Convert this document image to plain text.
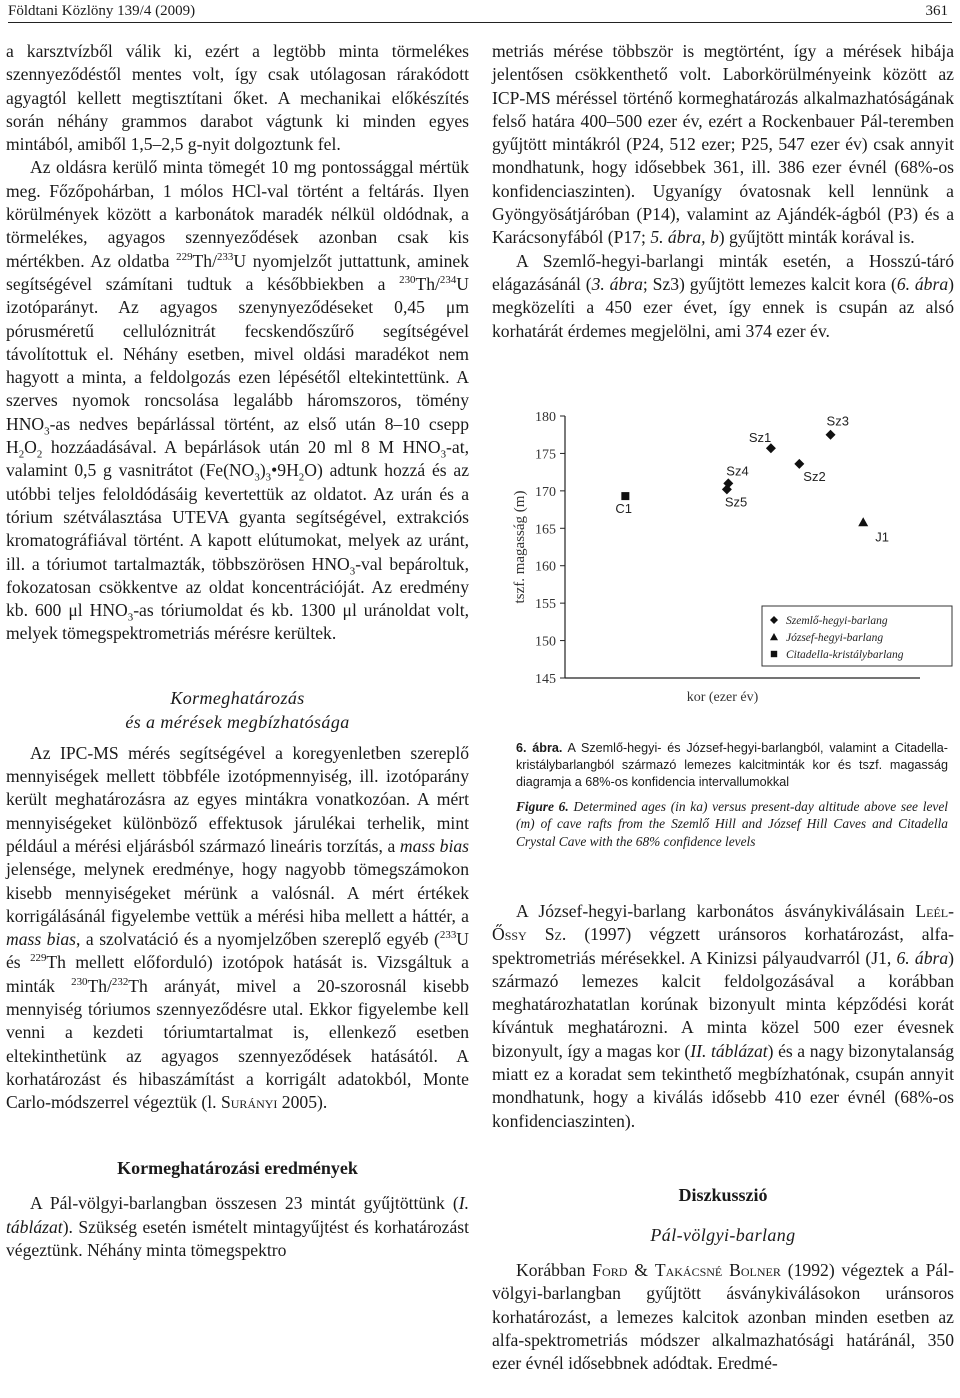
Földtani Közlöny 139/4 (2009)	361

a karsztvízből válik ki, ezért a legtöbb minta törmelékes szennyeződéstől mentes volt, így csak utólagosan rárakódott agyagtól kellett megtisztítani őket. A mechanikai előkészítés során néhány grammos darabot vágtunk ki minden egyes mintából, amiből 1,5–2,5 g-nyit dolgoztunk fel.

Az oldásra kerülő minta tömegét 10 mg pontossággal mértük meg. Főzőpohárban, 1 mólos HCl-val történt a feltárás. Ilyen körülmények között a karbonátok maradék nélkül oldódnak, a törmelékes, agyagos szennyeződések azonban csak kis mértékben. Az oldatba $^{229}$Th/$^{233}$U nyomjelzőt juttattunk, aminek segítségével számítani tudtuk a későbbiekben a $^{230}$Th/$^{234}$U izotóparányt. Az agyagos szenynyeződéseket 0,45 μm pórusméretű cellulóznitrát fecskendőszűrő segítségével távolítottuk el. Néhány esetben, mivel oldási maradékot nem hagyott a minta, a feldolgozás ezen lépésétől eltekintettünk. A szerves nyomok roncsolása legalább háromszoros, tömény $HNO_3-as$ nedves bepárlással történt, az első után 8–10 csepp $H_2O_2$ hozzáadásával. A bepárlások után 20 ml 8 M $HNO_3-at$, valamint 0,5 g vasnitrátot $(Fe(NO_3)_3•9H_2O)$ adtunk hozzá és az utóbbi teljes feloldódásáig kevertettük az oldatot. Az urán és a tórium szétválasztása UTEVA gyanta segítségével, extrakciós kromatográfiával történt. A kapott elútumokat, melyek az uránt, ill. a tóriumot tartalmazták, többszörösen $HNO_3$-val bepároltuk, fokozatosan csökkentve az oldat koncentrációját. Az eredmény kb. 600 μl $HNO_3-as$ tóriumoldat és kb. 1300 μl uránoldat volt, melyek tömegspektrometriás mérésre kerültek.

Kormeghatározás
és a mérések megbízhatósága

Az IPC-MS mérés segítségével a koregyenletben szereplő mennyiségek mellett többféle izotópmennyiség, ill. izotóparány került meghatározásra az egyes mintákra vonatkozóan. A mért mennyiségeket különböző effektusok járulékai terhelik, mint például a mérési eljárásból származó lineáris torzítás, a mass bias jelensége, melynek eredménye, hogy nagyobb tömegszámokon kisebb mennyiségeket mérünk a valósnál. A mért értékek korrigálásánál figyelembe vettük a mérési hiba mellett a háttér, a mass bias, a szolvatáció és a nyomjelzőben szereplő egyéb ($^{233}$U és $^{229}$Th mellett előforduló) izotópok hatását is. Vizsgáltuk a minták $^{230}$Th/$^{232}$Th arányát, mivel a 20-szorosnál kisebb mennyiség tóriumos szennyeződésre utal. Ekkor figyelembe kell venni a kezdeti tóriumtartalmat is, ellenkező esetben eltekinthetünk az agyagos szennyeződések hatásától. A korhatározást és hibaszámítást a korrigált adatokból, Monte Carlo-módszerrel végeztük (l. Surányi 2005).

Kormeghatározási eredmények

A Pál-völgyi-barlangban összesen 23 mintát gyűjtöttünk (I. táblázat). Szükség esetén ismételt mintagyűjtést és korhatározást végeztünk. Néhány minta tömegspektro

metriás mérése többször is megtörtént, így a mérések hibája jelentősen csökkenthető volt. Laborkörülményeink között az ICP-MS méréssel történő kormeghatározás alkalmazhatóságának felső határa 400–500 ezer év, ezért a Rockenbauer Pál-teremben gyűjtött mintákról (P24, 512 ezer; P25, 547 ezer év) csak annyit mondhatunk, hogy idősebbek 361, ill. 386 ezer évnél (68%-os konfidenciaszinten). Ugyanígy óvatosnak kell lennünk a Gyöngyösátjáróban (P14), valamint az Ajándék-ágból (P3) és a Karácsonyfából (P17; 5. ábra, b) gyűjtött minták korával is.

A Szemlő-hegyi-barlangi minták esetén, a Hosszú-táró elágazásánál (3. ábra; Sz3) gyűjtött lemezes kalcit kora (6. ábra) megközelíti a 450 ezer évet, így ennek is csupán az alsó korhatárát érdemes megjelölni, ami 374 ezer év.

145
150
155
160
165
170
175
180
kor (ezer év)
tszf. magasság (m)
Sz1
Sz2
Sz3
Sz4
Sz5
J1
C1
Szemlő-hegyi-barlang
József-hegyi-barlang
Citadella-kristálybarlang

6. ábra. A Szemlő-hegyi- és József-hegyi-barlangból, valamint a Citadella-kristálybarlangból származó lemezes kalcitminták kor és tszf. magasság diagramja a 68%-os konfidencia intervallumokkal

Figure 6. Determined ages (in ka) versus present-day altitude above see level (m) of cave rafts from the Szemlő Hill and József Hill Caves and Citadella Crystal Cave with the 68% confidence levels

A József-hegyi-barlang karbonátos ásványkiválásain Leél-Őssy Sz. (1997) végzett uránsoros korhatározást, alfa-spektrometriás mérésekkel. A Kinizsi pályaudvarról (J1, 6. ábra) származó lemezes kalcit feldolgozásával a korábban meghatározhatatlan korúnak bizonyult minta képződési korát kívántuk meghatározni. A minta közel 500 ezer évesnek bizonyult, így a magas kor (II. táblázat) és a nagy bizonytalanság miatt ez a koradat sem tekinthető megbízhatónak, csupán annyit mondhatunk, hogy a kiválás idősebb 410 ezer évnél (68%-os konfidenciaszinten).

Diszkusszió
Pál-völgyi-barlang

Korábban Ford & Takácsné Bolner (1992) végeztek a Pál-völgyi-barlangban gyűjtött ásványkiválásokon uránsoros korhatározást, a lemezes kalcitok azonban minden esetben az alfa-spektrometriás módszer alkalmazhatósági határánál, 350 ezer évnél idősebbnek adódtak. Eredmé-
